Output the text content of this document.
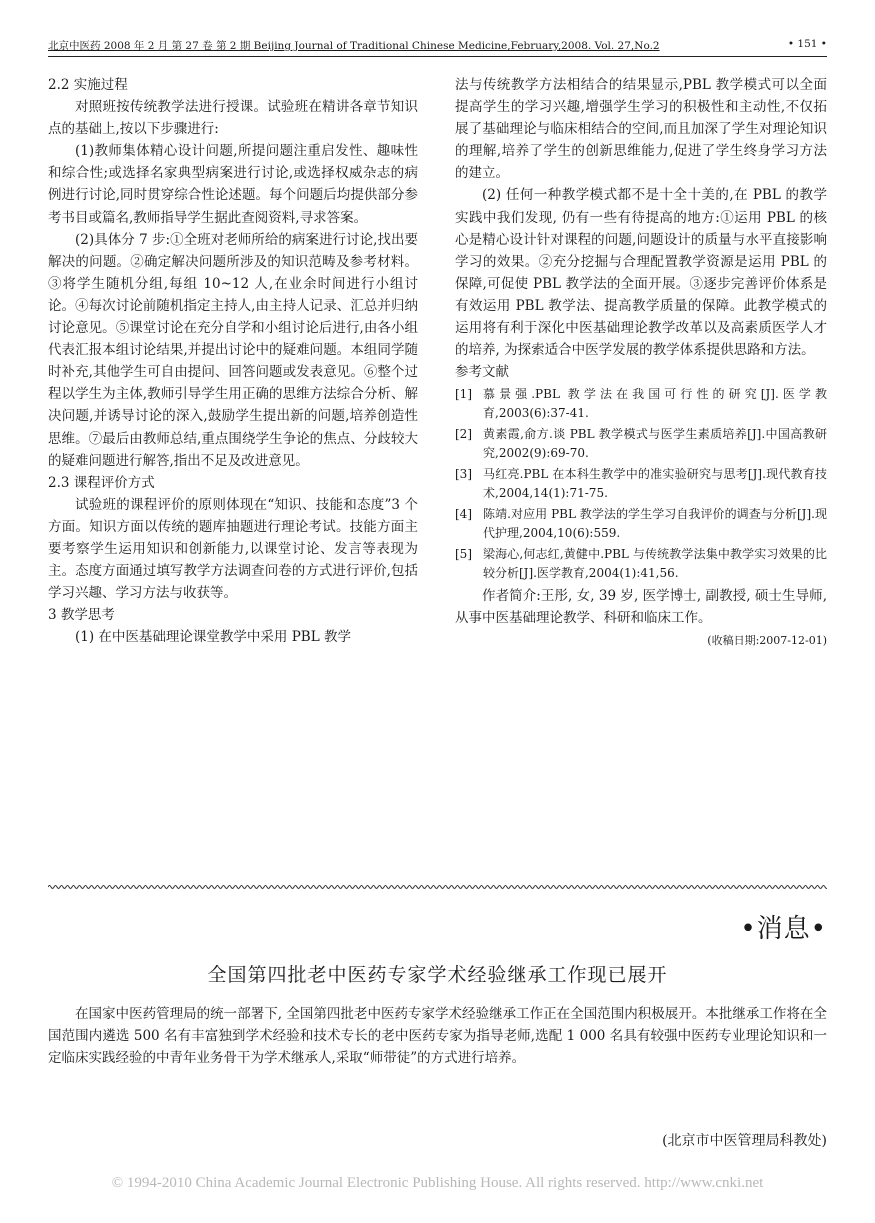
北京中医药 2008 年 2 月 第 27 卷 第 2 期 Beijing Journal of Traditional Chinese Medicine,February,2008. Vol. 27,No.2	• 151 •

2.2 实施过程

对照班按传统教学法进行授课。试验班在精讲各章节知识点的基础上,按以下步骤进行:

(1)教师集体精心设计问题,所提问题注重启发性、趣味性和综合性;或选择名家典型病案进行讨论,或选择权威杂志的病例进行讨论,同时贯穿综合性论述题。每个问题后均提供部分参考书目或篇名,教师指导学生据此查阅资料,寻求答案。

(2)具体分 7 步:①全班对老师所给的病案进行讨论,找出要解决的问题。②确定解决问题所涉及的知识范畴及参考材料。③将学生随机分组,每组 10~12 人,在业余时间进行小组讨论。④每次讨论前随机指定主持人,由主持人记录、汇总并归纳讨论意见。⑤课堂讨论在充分自学和小组讨论后进行,由各小组代表汇报本组讨论结果,并提出讨论中的疑难问题。本组同学随时补充,其他学生可自由提问、回答问题或发表意见。⑥整个过程以学生为主体,教师引导学生用正确的思维方法综合分析、解决问题,并诱导讨论的深入,鼓励学生提出新的问题,培养创造性思维。⑦最后由教师总结,重点围绕学生争论的焦点、分歧较大的疑难问题进行解答,指出不足及改进意见。

2.3 课程评价方式

试验班的课程评价的原则体现在“知识、技能和态度”3 个方面。知识方面以传统的题库抽题进行理论考试。技能方面主要考察学生运用知识和创新能力,以课堂讨论、发言等表现为主。态度方面通过填写教学方法调查问卷的方式进行评价,包括学习兴趣、学习方法与收获等。

3 教学思考

(1) 在中医基础理论课堂教学中采用 PBL 教学

法与传统教学方法相结合的结果显示,PBL 教学模式可以全面提高学生的学习兴趣,增强学生学习的积极性和主动性,不仅拓展了基础理论与临床相结合的空间,而且加深了学生对理论知识的理解,培养了学生的创新思维能力,促进了学生终身学习方法的建立。

(2) 任何一种教学模式都不是十全十美的,在 PBL 的教学实践中我们发现, 仍有一些有待提高的地方:①运用 PBL 的核心是精心设计针对课程的问题,问题设计的质量与水平直接影响学习的效果。②充分挖掘与合理配置教学资源是运用 PBL 的保障,可促使 PBL 教学法的全面开展。③逐步完善评价体系是有效运用 PBL 教学法、提高教学质量的保障。此教学模式的运用将有利于深化中医基础理论教学改革以及高素质医学人才的培养, 为探索适合中医学发展的教学体系提供思路和方法。

参考文献

[1] 慕景强.PBL 教学法在我国可行性的研究[J].医学教育,2003(6):37-41.
[2] 黄素霞,俞方.谈 PBL 教学模式与医学生素质培养[J].中国高教研究,2002(9):69-70.
[3] 马红亮.PBL 在本科生教学中的准实验研究与思考[J].现代教育技术,2004,14(1):71-75.
[4] 陈靖.对应用 PBL 教学法的学生学习自我评价的调查与分析[J].现代护理,2004,10(6):559.
[5] 梁海心,何志红,黄健中.PBL 与传统教学法集中教学实习效果的比较分析[J].医学教育,2004(1):41,56.

作者简介:王彤, 女, 39 岁, 医学博士, 副教授, 硕士生导师, 从事中医基础理论教学、科研和临床工作。

(收稿日期:2007-12-01)

•消息•
全国第四批老中医药专家学术经验继承工作现已展开
在国家中医药管理局的统一部署下, 全国第四批老中医药专家学术经验继承工作正在全国范围内积极展开。本批继承工作将在全国范围内遴选 500 名有丰富独到学术经验和技术专长的老中医药专家为指导老师,选配 1 000 名具有较强中医药专业理论知识和一定临床实践经验的中青年业务骨干为学术继承人,采取“师带徒”的方式进行培养。
(北京市中医管理局科教处)
© 1994-2010 China Academic Journal Electronic Publishing House. All rights reserved. http://www.cnki.net
